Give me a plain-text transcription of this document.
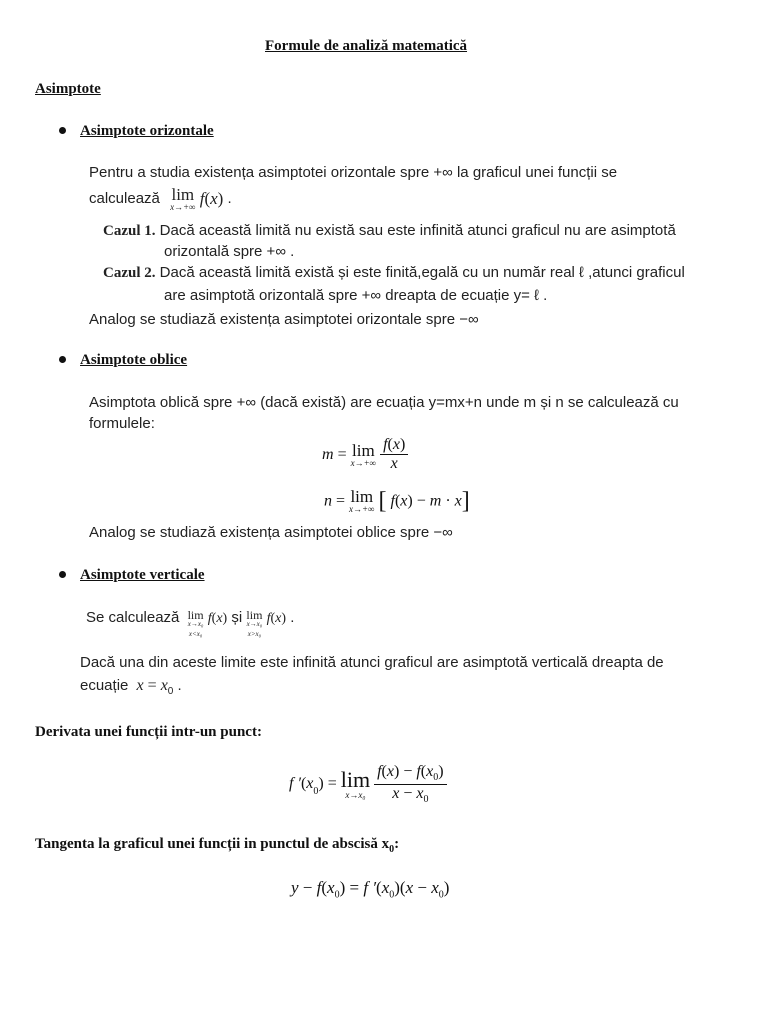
Formule de analiză matematică
Asimptote
Asimptote orizontale
Pentru a studia existența asimptotei orizontale spre +∞ la graficul unei funcții se
calculează lim
x→+∞ f(x) .
Cazul 1. Dacă această limită nu există sau este infinită atunci graficul nu are asimptotă
orizontală spre +∞ .
Cazul 2. Dacă această limită există și este finită,egală cu un număr real ℓ ,atunci graficul
are asimptotă orizontală spre +∞ dreapta de ecuație y= ℓ .
Analog se studiază existența asimptotei orizontale spre −∞
Asimptote oblice
Asimptota oblică spre +∞ (dacă există) are ecuația y=mx+n unde m și n se calculează cu
formulele:
m = lim
x→+∞
$\frac{f(x)}{x}$
n = lim
x→+∞ [ f(x) − m · x]
Analog se studiază existența asimptotei oblice spre −∞
Asimptote verticale
Se calculează lim
x→x₀
x<x₀
f(x) și lim
x→x₀
x>x₀
f(x) .
Dacă una din aceste limite este infinită atunci graficul are asimptotă verticală dreapta de
ecuație $x = x_0$ .
Derivata unei funcții intr-un punct:
f $'(x_0) = \lim$
x→x₀
$\frac{f(x) - f(x_0)}{x - x_0}$
Tangenta la graficul unei funcții in punctul de abscisă $x_0$:
$y - f(x_0) = f$ $'(x_0)(x - x_0)$
